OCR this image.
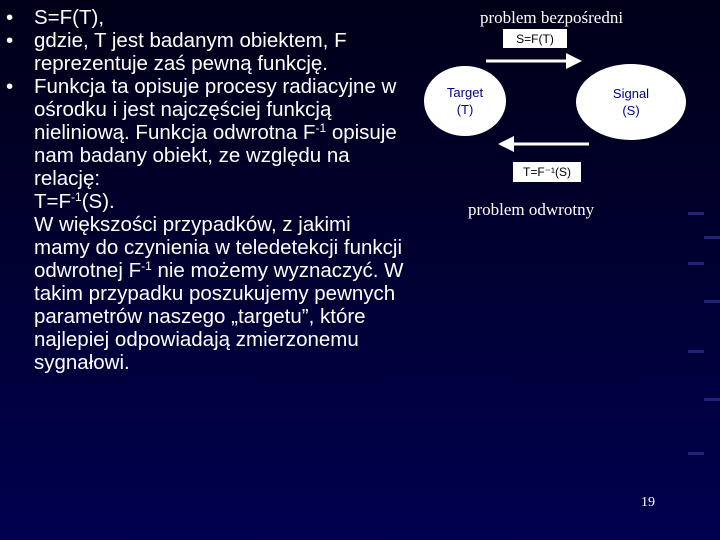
•	S=F(T),
•	gdzie, T jest badanym obiektem, F reprezentuje zaś pewną funkcję.
•	Funkcja ta opisuje procesy radiacyjne w ośrodku i jest najczęściej funkcją nieliniową. Funkcja odwrotna $F^{-1}$ opisuje nam badany obiekt, ze względu na relację:
$T=F^{-1}(S)$.
W większości przypadków, z jakimi mamy do czynienia w teledetekcji funkcji odwrotnej $F^{-1}$ nie możemy wyznaczyć. W takim przypadku poszukujemy pewnych parametrów naszego „targetu”, które najlepiej odpowiadają zmierzonemu sygnałowi.
problem bezpośredni
S=F(T)
Target
(T)
Signal
(S)
T=F⁻¹(S)
problem odwrotny
19
